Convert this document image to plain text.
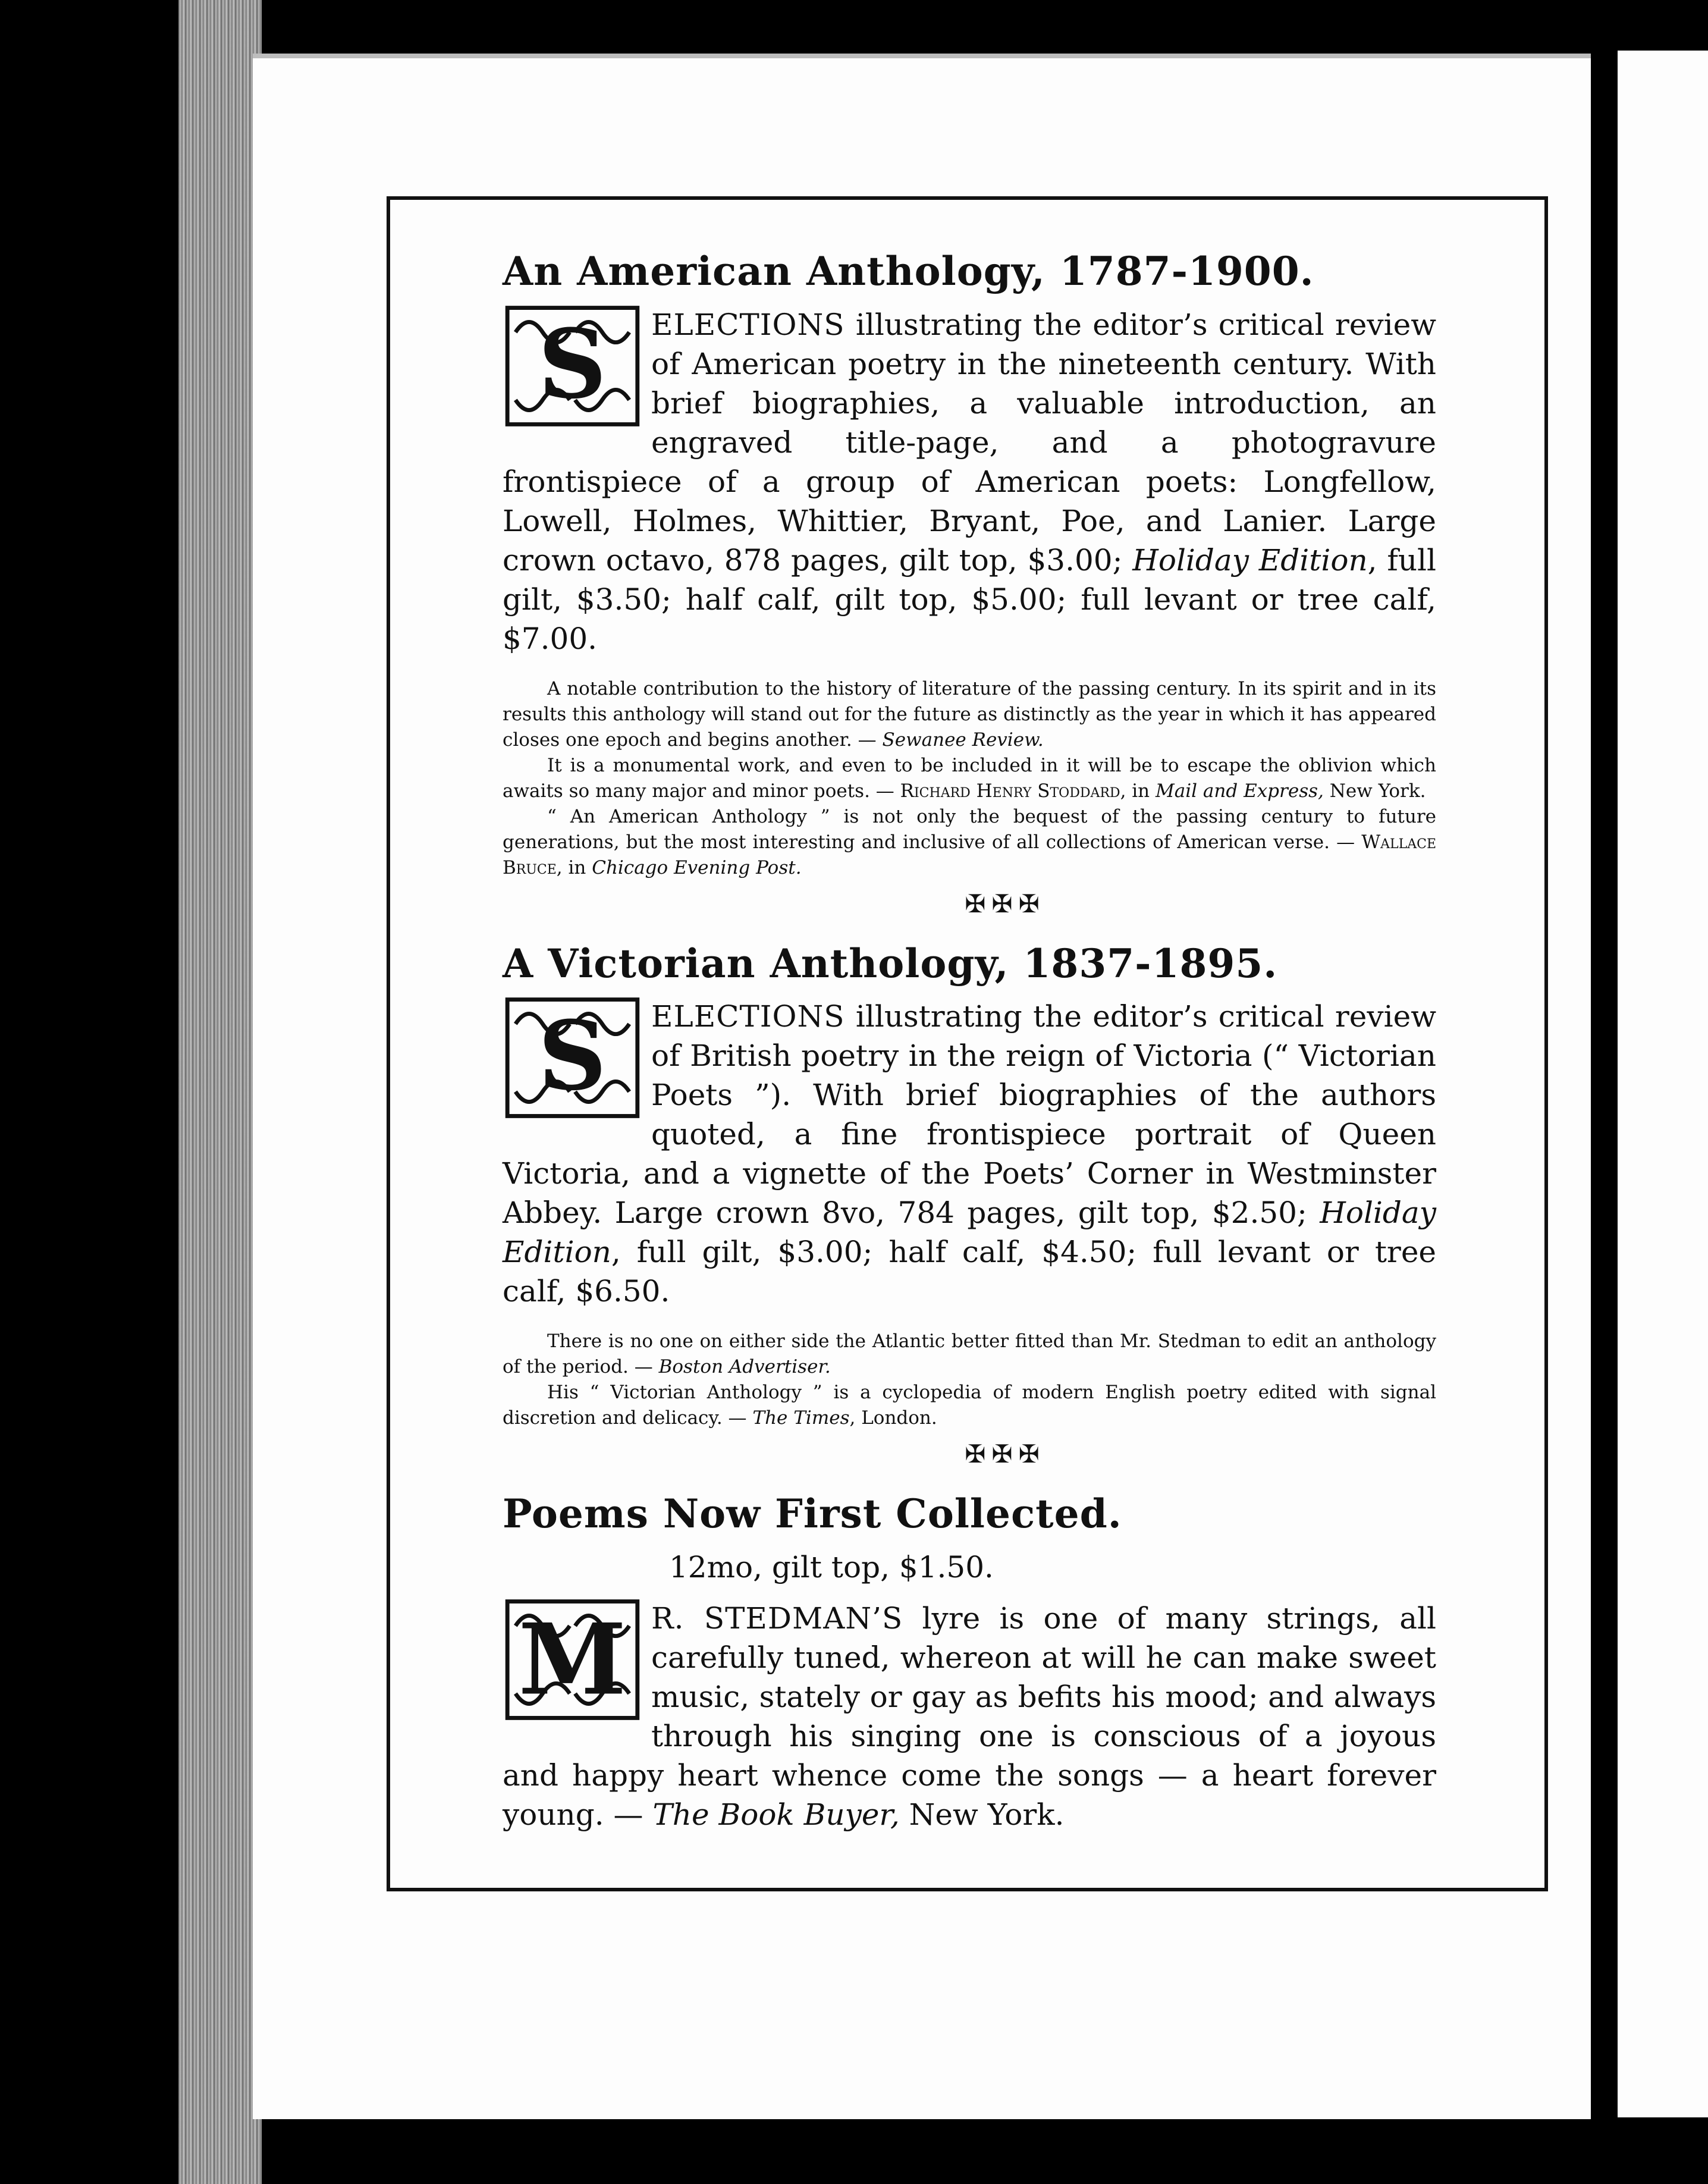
An American Anthology, 1787-1900.

S ELECTIONS illustrating the editor’s critical review of American poetry in the nineteenth century. With brief biographies, a valuable introduction, an engraved title-page, and a photogravure frontispiece of a group of American poets: Longfellow, Lowell, Holmes, Whittier, Bryant, Poe, and Lanier. Large crown octavo, 878 pages, gilt top, $3.00; Holiday Edition, full gilt, $3.50; half calf, gilt top, $5.00; full levant or tree calf, $7.00.

A notable contribution to the history of literature of the passing century. In its spirit and in its results this anthology will stand out for the future as distinctly as the year in which it has appeared closes one epoch and begins another. — Sewanee Review.

It is a monumental work, and even to be included in it will be to escape the oblivion which awaits so many major and minor poets. — Richard Henry Stoddard, in Mail and Express, New York.

“ An American Anthology ” is not only the bequest of the passing century to future generations, but the most interesting and inclusive of all collections of American verse. — Wallace Bruce, in Chicago Evening Post.

✠✠✠
A Victorian Anthology, 1837-1895.

S ELECTIONS illustrating the editor’s critical review of British poetry in the reign of Victoria (“ Victorian Poets ”). With brief biographies of the authors quoted, a fine frontispiece portrait of Queen Victoria, and a vignette of the Poets’ Corner in Westminster Abbey. Large crown 8vo, 784 pages, gilt top, $2.50; Holiday Edition, full gilt, $3.00; half calf, $4.50; full levant or tree calf, $6.50.

There is no one on either side the Atlantic better fitted than Mr. Stedman to edit an anthology of the period. — Boston Advertiser.

His “ Victorian Anthology ” is a cyclopedia of modern English poetry edited with signal discretion and delicacy. — The Times, London.

✠✠✠
Poems Now First Collected.
12mo, gilt top, $1.50.

M R. STEDMAN’S lyre is one of many strings, all carefully tuned, whereon at will he can make sweet music, stately or gay as befits his mood; and always through his singing one is conscious of a joyous and happy heart whence come the songs — a heart forever young. — The Book Buyer, New York.
